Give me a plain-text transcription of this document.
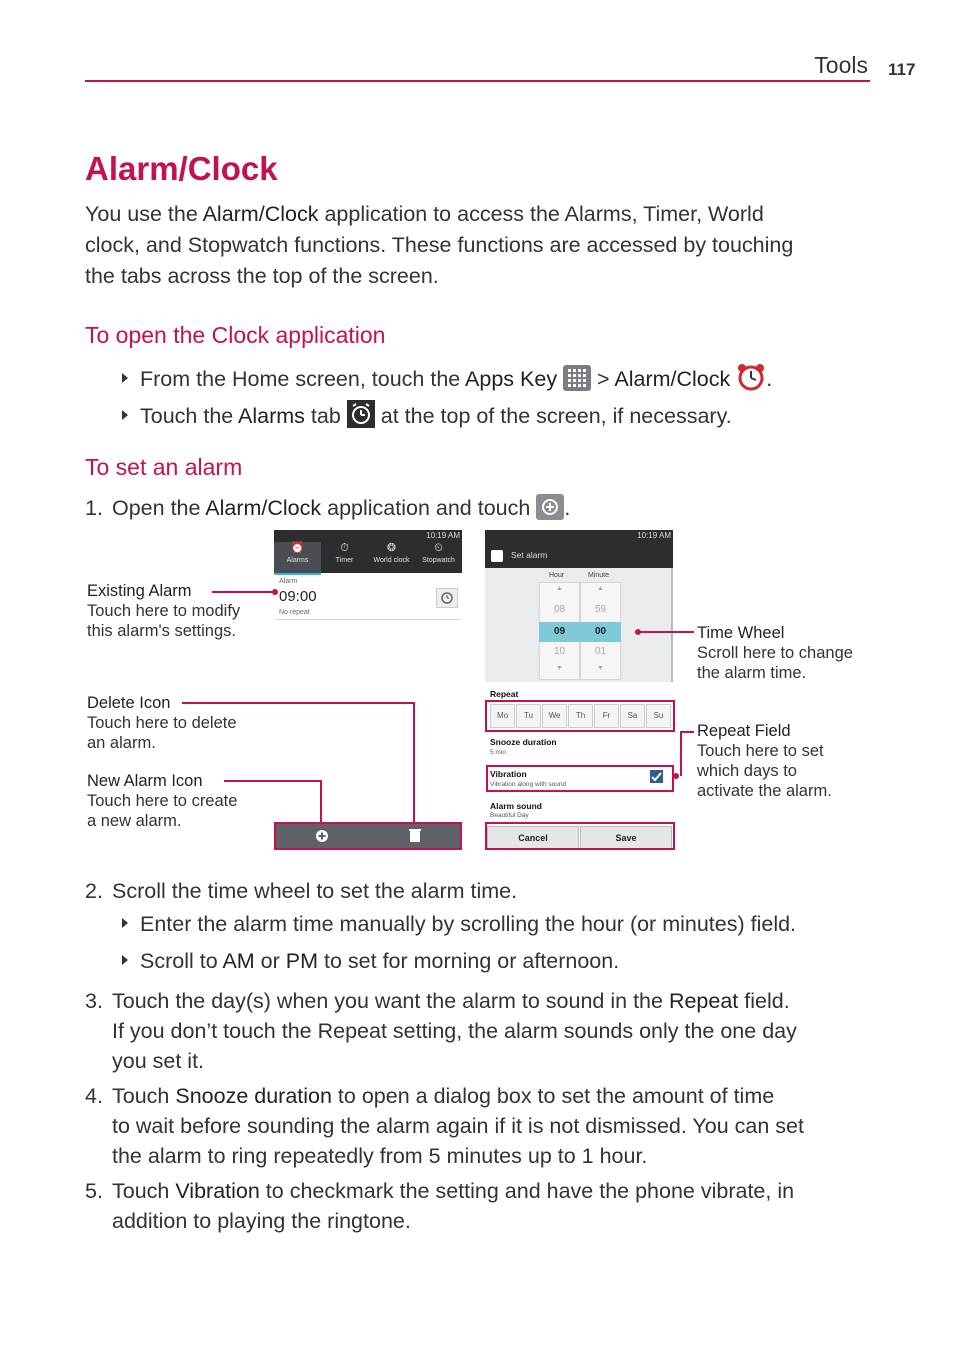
Tools 117
Alarm/Clock
You use the Alarm/Clock application to access the Alarms, Timer, World
clock, and Stopwatch functions. These functions are accessed by touching
the tabs across the top of the screen.
To open the Clock application
From the Home screen, touch the Apps Key  > Alarm/Clock .
Touch the Alarms tab  at the top of the screen, if necessary.
To set an alarm
1. Open the Alarm/Clock application and touch .
10:19 AM
⏰
Alarms
⏱
Timer
❂
World clock
⏲
Stopwatch
Alarm
09:00
No repeat
10:19 AM
Set alarm
Hour	Minute
▲
08
10
▼
▲
59
01
▼
09	00
Repeat
Mo	Tu	We	Th	Fr	Sa	Su
Snooze duration
5 min
Vibration
Vibration along with sound
Alarm sound
Beautiful Day
Cancel	Save
Existing Alarm
Touch here to modify
this alarm's settings.
Delete Icon
Touch here to delete
an alarm.
New Alarm Icon
Touch here to create
a new alarm.
Time Wheel
Scroll here to change
the alarm time.
Repeat Field
Touch here to set
which days to
activate the alarm.
2. Scroll the time wheel to set the alarm time.
Enter the alarm time manually by scrolling the hour (or minutes) field.
Scroll to AM or PM to set for morning or afternoon.
3. Touch the day(s) when you want the alarm to sound in the Repeat field.
If you don’t touch the Repeat setting, the alarm sounds only the one day
you set it.
4. Touch Snooze duration to open a dialog box to set the amount of time
to wait before sounding the alarm again if it is not dismissed. You can set
the alarm to ring repeatedly from 5 minutes up to 1 hour.
5. Touch Vibration to checkmark the setting and have the phone vibrate, in
addition to playing the ringtone.
